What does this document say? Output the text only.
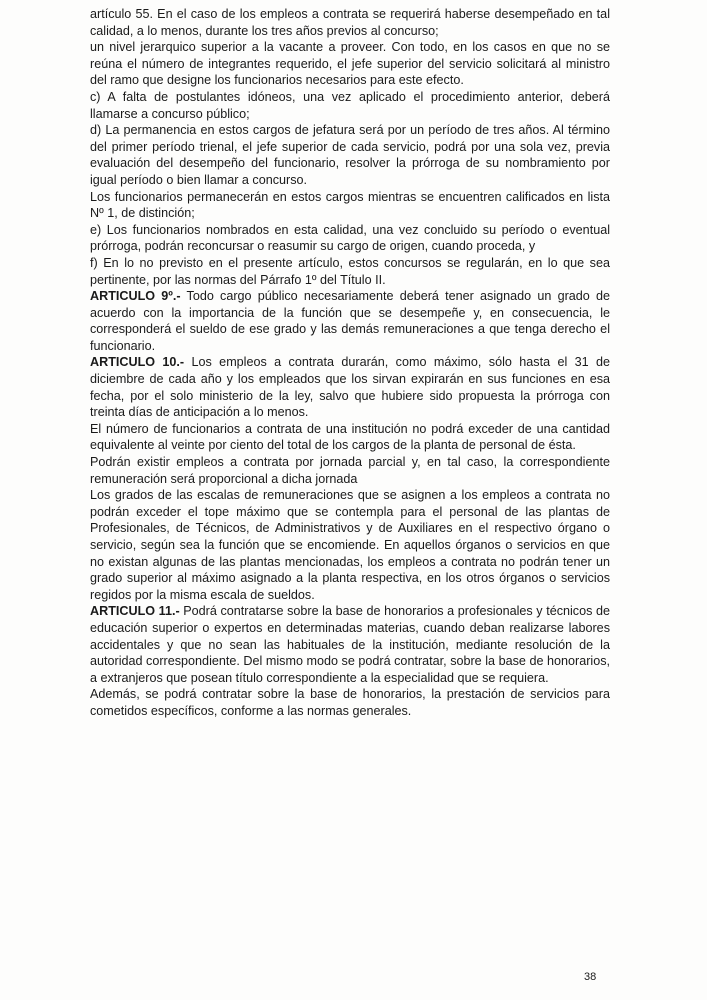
artículo 55. En el caso de los empleos a contrata se requerirá haberse desempeñado en tal calidad, a lo menos, durante los tres años previos al concurso;

un nivel jerarquico superior a la vacante a proveer. Con todo, en los casos en que no se reúna el número de integrantes requerido, el jefe superior del servicio solicitará al ministro del ramo que designe los funcionarios necesarios para este efecto.

c) A falta de postulantes idóneos, una vez aplicado el procedimiento anterior, deberá llamarse a concurso público;

d) La permanencia en estos cargos de jefatura será por un período de tres años. Al término del primer período trienal, el jefe superior de cada servicio, podrá por una sola vez, previa evaluación del desempeño del funcionario, resolver la prórroga de su nombramiento por igual período o bien llamar a concurso.

Los funcionarios permanecerán en estos cargos mientras se encuentren calificados en lista Nº 1, de distinción;

e) Los funcionarios nombrados en esta calidad, una vez concluido su período o eventual prórroga, podrán reconcursar o reasumir su cargo de origen, cuando proceda, y

f) En lo no previsto en el presente artículo, estos concursos se regularán, en lo que sea pertinente, por las normas del Párrafo 1º del Título II.

ARTICULO 9º.- Todo cargo público necesariamente deberá tener asignado un grado de acuerdo con la importancia de la función que se desempeñe y, en consecuencia, le corresponderá el sueldo de ese grado y las demás remuneraciones a que tenga derecho el funcionario.

ARTICULO 10.- Los empleos a contrata durarán, como máximo, sólo hasta el 31 de diciembre de cada año y los empleados que los sirvan expirarán en sus funciones en esa fecha, por el solo ministerio de la ley, salvo que hubiere sido propuesta la prórroga con treinta días de anticipación a lo menos.

El número de funcionarios a contrata de una institución no podrá exceder de una cantidad equivalente al veinte por ciento del total de los cargos de la planta de personal de ésta.

Podrán existir empleos a contrata por jornada parcial y, en tal caso, la correspondiente remuneración será proporcional a dicha jornada

Los grados de las escalas de remuneraciones que se asignen a los empleos a contrata no podrán exceder el tope máximo que se contempla para el personal de las plantas de Profesionales, de Técnicos, de Administrativos y de Auxiliares en el respectivo órgano o servicio, según sea la función que se encomiende. En aquellos órganos o servicios en que no existan algunas de las plantas mencionadas, los empleos a contrata no podrán tener un grado superior al máximo asignado a la planta respectiva, en los otros órganos o servicios regidos por la misma escala de sueldos.

ARTICULO 11.- Podrá contratarse sobre la base de honorarios a profesionales y técnicos de educación superior o expertos en determinadas materias, cuando deban realizarse labores accidentales y que no sean las habituales de la institución, mediante resolución de la autoridad correspondiente. Del mismo modo se podrá contratar, sobre la base de honorarios, a extranjeros que posean título correspondiente a la especialidad que se requiera.

Además, se podrá contratar sobre la base de honorarios, la prestación de servicios para cometidos específicos, conforme a las normas generales.

38
